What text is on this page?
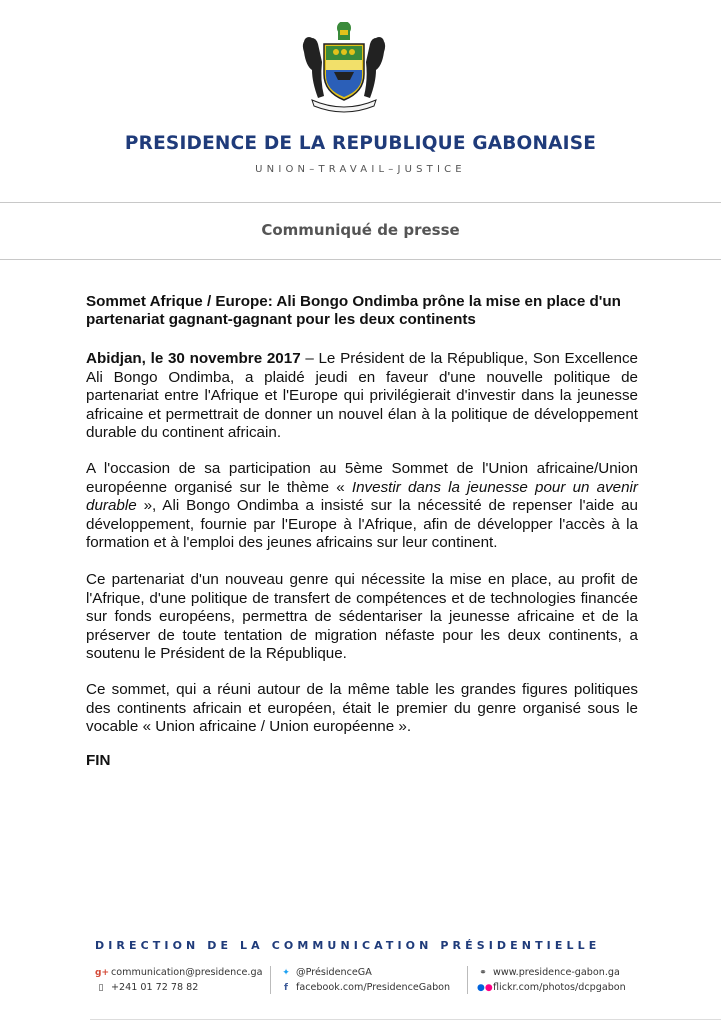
PRESIDENCE DE LA REPUBLIQUE GABONAISE
UNION–TRAVAIL–JUSTICE
Communiqué de presse
Sommet Afrique / Europe: Ali Bongo Ondimba prône la mise en place d'un partenariat gagnant-gagnant pour les deux continents
Abidjan, le 30 novembre 2017 – Le Président de la République, Son Excellence Ali Bongo Ondimba, a plaidé jeudi en faveur d'une nouvelle politique de partenariat entre l'Afrique et l'Europe qui privilégierait d'investir dans la jeunesse africaine et permettrait de donner un nouvel élan à la politique de développement durable du continent africain.
A l'occasion de sa participation au 5ème Sommet de l'Union africaine/Union européenne organisé sur le thème « Investir dans la jeunesse pour un avenir durable », Ali Bongo Ondimba a insisté sur la nécessité de repenser l'aide au développement, fournie par l'Europe à l'Afrique, afin de développer l'accès à la formation et à l'emploi des jeunes africains sur leur continent.
Ce partenariat d'un nouveau genre qui nécessite la mise en place, au profit de l'Afrique, d'une politique de transfert de compétences et de technologies financée sur fonds européens, permettra de sédentariser la jeunesse africaine et de la préserver de toute tentation de migration néfaste pour les deux continents, a soutenu le Président de la République.
Ce sommet, qui a réuni autour de la même table les grandes figures politiques des continents africain et européen, était le premier du genre organisé sous le vocable « Union africaine / Union européenne ».
FIN
DIRECTION DE LA COMMUNICATION PRÉSIDENTIELLE
g+ communication@presidence.ga
▯ +241 01 72 78 82
✦ @PrésidenceGA
f facebook.com/PresidenceGabon
⚭ www.presidence-gabon.ga
●● flickr.com/photos/dcpgabon
